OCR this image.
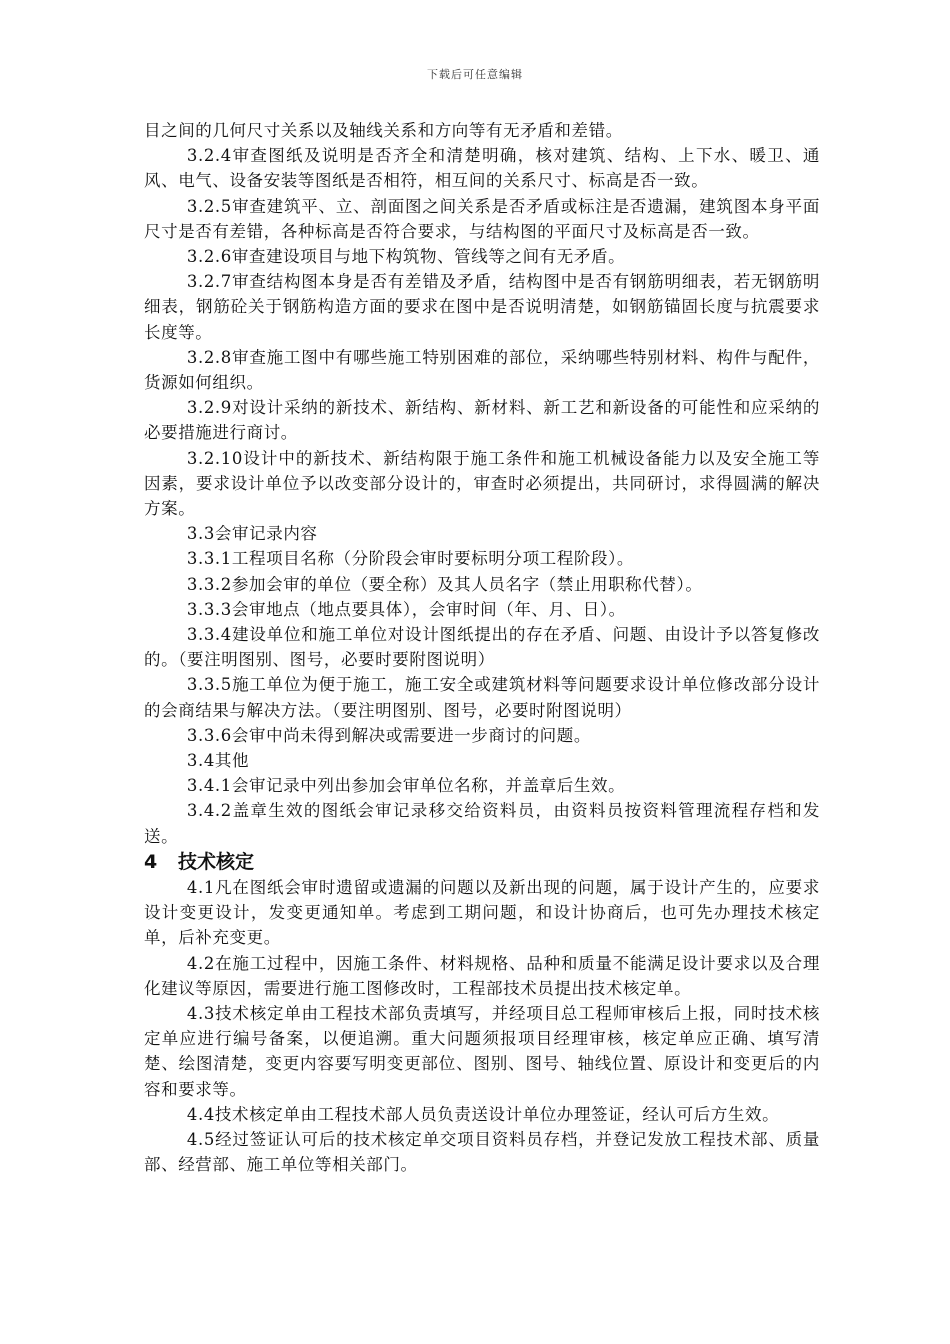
下载后可任意编辑

目之间的几何尺寸关系以及轴线关系和方向等有无矛盾和差错。

3.2.4审查图纸及说明是否齐全和清楚明确，核对建筑、结构、上下水、暖卫、通风、电气、设备安装等图纸是否相符，相互间的关系尺寸、标高是否一致。

3.2.5审查建筑平、立、剖面图之间关系是否矛盾或标注是否遗漏，建筑图本身平面尺寸是否有差错，各种标高是否符合要求，与结构图的平面尺寸及标高是否一致。

3.2.6审查建设项目与地下构筑物、管线等之间有无矛盾。

3.2.7审查结构图本身是否有差错及矛盾，结构图中是否有钢筋明细表，若无钢筋明细表，钢筋砼关于钢筋构造方面的要求在图中是否说明清楚，如钢筋锚固长度与抗震要求长度等。

3.2.8审查施工图中有哪些施工特别困难的部位，采纳哪些特别材料、构件与配件，货源如何组织。

3.2.9对设计采纳的新技术、新结构、新材料、新工艺和新设备的可能性和应采纳的必要措施进行商讨。

3.2.10设计中的新技术、新结构限于施工条件和施工机械设备能力以及安全施工等因素，要求设计单位予以改变部分设计的，审查时必须提出，共同研讨，求得圆满的解决方案。

3.3会审记录内容

3.3.1工程项目名称（分阶段会审时要标明分项工程阶段）。

3.3.2参加会审的单位（要全称）及其人员名字（禁止用职称代替）。

3.3.3会审地点（地点要具体），会审时间（年、月、日）。

3.3.4建设单位和施工单位对设计图纸提出的存在矛盾、问题、由设计予以答复修改的。（要注明图别、图号，必要时要附图说明）

3.3.5施工单位为便于施工，施工安全或建筑材料等问题要求设计单位修改部分设计的会商结果与解决方法。（要注明图别、图号，必要时附图说明）

3.3.6会审中尚未得到解决或需要进一步商讨的问题。

3.4其他

3.4.1会审记录中列出参加会审单位名称，并盖章后生效。

3.4.2盖章生效的图纸会审记录移交给资料员，由资料员按资料管理流程存档和发送。

4 技术核定

4.1凡在图纸会审时遗留或遗漏的问题以及新出现的问题，属于设计产生的，应要求设计变更设计，发变更通知单。考虑到工期问题，和设计协商后，也可先办理技术核定单，后补充变更。

4.2在施工过程中，因施工条件、材料规格、品种和质量不能满足设计要求以及合理化建议等原因，需要进行施工图修改时，工程部技术员提出技术核定单。

4.3技术核定单由工程技术部负责填写，并经项目总工程师审核后上报，同时技术核定单应进行编号备案，以便追溯。重大问题须报项目经理审核，核定单应正确、填写清楚、绘图清楚，变更内容要写明变更部位、图别、图号、轴线位置、原设计和变更后的内容和要求等。

4.4技术核定单由工程技术部人员负责送设计单位办理签证，经认可后方生效。

4.5经过签证认可后的技术核定单交项目资料员存档，并登记发放工程技术部、质量部、经营部、施工单位等相关部门。
